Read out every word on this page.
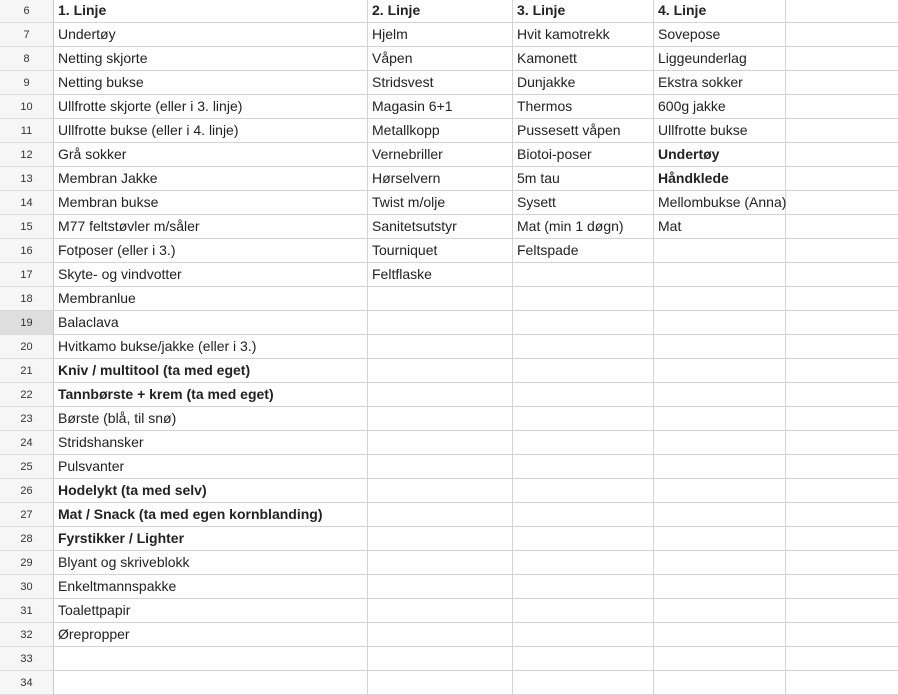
6	1. Linje	2. Linje	3. Linje	4. Linje
7	Undertøy	Hjelm	Hvit kamotrekk	Sovepose
8	Netting skjorte	Våpen	Kamonett	Liggeunderlag
9	Netting bukse	Stridsvest	Dunjakke	Ekstra sokker
10	Ullfrotte skjorte (eller i 3. linje)	Magasin 6+1	Thermos	600g jakke
11	Ullfrotte bukse (eller i 4. linje)	Metallkopp	Pussesett våpen	Ullfrotte bukse
12	Grå sokker	Vernebriller	Biotoi-poser	Undertøy
13	Membran Jakke	Hørselvern	5m tau	Håndklede
14	Membran bukse	Twist m/olje	Sysett	Mellombukse (Anna)
15	M77 feltstøvler m/såler	Sanitetsutstyr	Mat (min 1 døgn)	Mat
16	Fotposer (eller i 3.)	Tourniquet	Feltspade
17	Skyte- og vindvotter	Feltflaske
18	Membranlue
19	Balaclava
20	Hvitkamo bukse/jakke (eller i 3.)
21	Kniv / multitool (ta med eget)
22	Tannbørste + krem (ta med eget)
23	Børste (blå, til snø)
24	Stridshansker
25	Pulsvanter
26	Hodelykt (ta med selv)
27	Mat / Snack (ta med egen kornblanding)
28	Fyrstikker / Lighter
29	Blyant og skriveblokk
30	Enkeltmannspakke
31	Toalettpapir
32	Ørepropper
33
34
